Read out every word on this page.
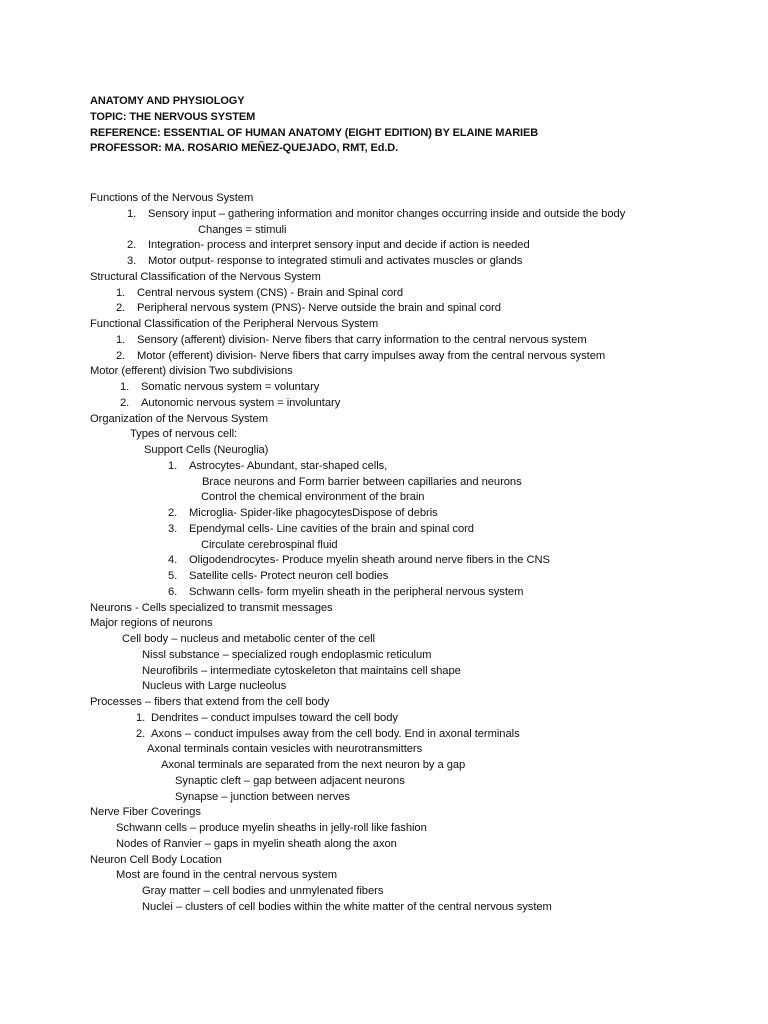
ANATOMY AND PHYSIOLOGY
TOPIC: THE NERVOUS SYSTEM
REFERENCE: ESSENTIAL OF HUMAN ANATOMY (EIGHT EDITION) BY ELAINE MARIEB
PROFESSOR: MA. ROSARIO MEÑEZ-QUEJADO, RMT, Ed.D.
Functions of the Nervous System
1. Sensory input – gathering information and monitor changes occurring inside and outside the body
Changes = stimuli
2. Integration- process and interpret sensory input and decide if action is needed
3. Motor output- response to integrated stimuli and activates muscles or glands
Structural Classification of the Nervous System
1. Central nervous system (CNS) - Brain and Spinal cord
2. Peripheral nervous system (PNS)- Nerve outside the brain and spinal cord
Functional Classification of the Peripheral Nervous System
1. Sensory (afferent) division- Nerve fibers that carry information to the central nervous system
2. Motor (efferent) division- Nerve fibers that carry impulses away from the central nervous system
Motor (efferent) division Two subdivisions
1. Somatic nervous system = voluntary
2. Autonomic nervous system = involuntary
Organization of the Nervous System
Types of nervous cell:
Support Cells (Neuroglia)
1. Astrocytes- Abundant, star-shaped cells,
Brace neurons and Form barrier between capillaries and neurons
Control the chemical environment of the brain
2. Microglia- Spider-like phagocytesDispose of debris
3. Ependymal cells- Line cavities of the brain and spinal cord
Circulate cerebrospinal fluid
4. Oligodendrocytes- Produce myelin sheath around nerve fibers in the CNS
5. Satellite cells- Protect neuron cell bodies
6. Schwann cells- form myelin sheath in the peripheral nervous system
Neurons - Cells specialized to transmit messages
Major regions of neurons
Cell body – nucleus and metabolic center of the cell
Nissl substance – specialized rough endoplasmic reticulum
Neurofibrils – intermediate cytoskeleton that maintains cell shape
Nucleus with Large nucleolus
Processes – fibers that extend from the cell body
1. Dendrites – conduct impulses toward the cell body
2. Axons – conduct impulses away from the cell body. End in axonal terminals
Axonal terminals contain vesicles with neurotransmitters
Axonal terminals are separated from the next neuron by a gap
Synaptic cleft – gap between adjacent neurons
Synapse – junction between nerves
Nerve Fiber Coverings
Schwann cells – produce myelin sheaths in jelly-roll like fashion
Nodes of Ranvier – gaps in myelin sheath along the axon
Neuron Cell Body Location
Most are found in the central nervous system
Gray matter – cell bodies and unmylenated fibers
Nuclei – clusters of cell bodies within the white matter of the central nervous system
